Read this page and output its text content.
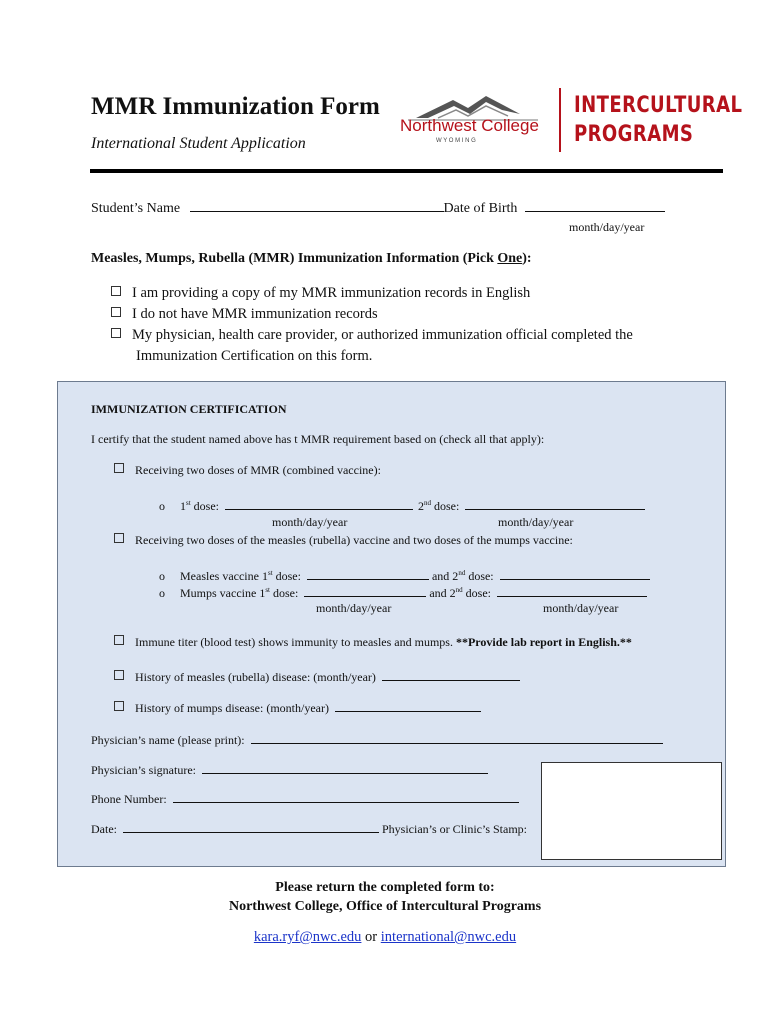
MMR Immunization Form
International Student Application
Northwest College
W Y O M I N G
INTERCULTURAL
PROGRAMS
Student’s Name	Date of Birth
month/day/year
Measles, Mumps, Rubella (MMR) Immunization Information (Pick One):
I am providing a copy of my MMR immunization records in English
I do not have MMR immunization records
My physician, health care provider, or authorized immunization official completed the
Immunization Certification on this form.
IMMUNIZATION CERTIFICATION
I certify that the student named above has t MMR requirement based on (check all that apply):
Receiving two doses of MMR (combined vaccine):
o 1st dose:	2nd dose:
month/day/year	month/day/year
Receiving two doses of the measles (rubella) vaccine and two doses of the mumps vaccine:
o Measles vaccine 1st dose:	and 2nd dose:
o Mumps vaccine 1st dose:	and 2nd dose:
month/day/year	month/day/year
Immune titer (blood test) shows immunity to measles and mumps. **Provide lab report in English.**
History of measles (rubella) disease: (month/year)
History of mumps disease: (month/year)
Physician’s name (please print):
Physician’s signature:
Phone Number:
Date:	Physician’s or Clinic’s Stamp:
Please return the completed form to:
Northwest College, Office of Intercultural Programs
kara.ryf@nwc.edu or international@nwc.edu
